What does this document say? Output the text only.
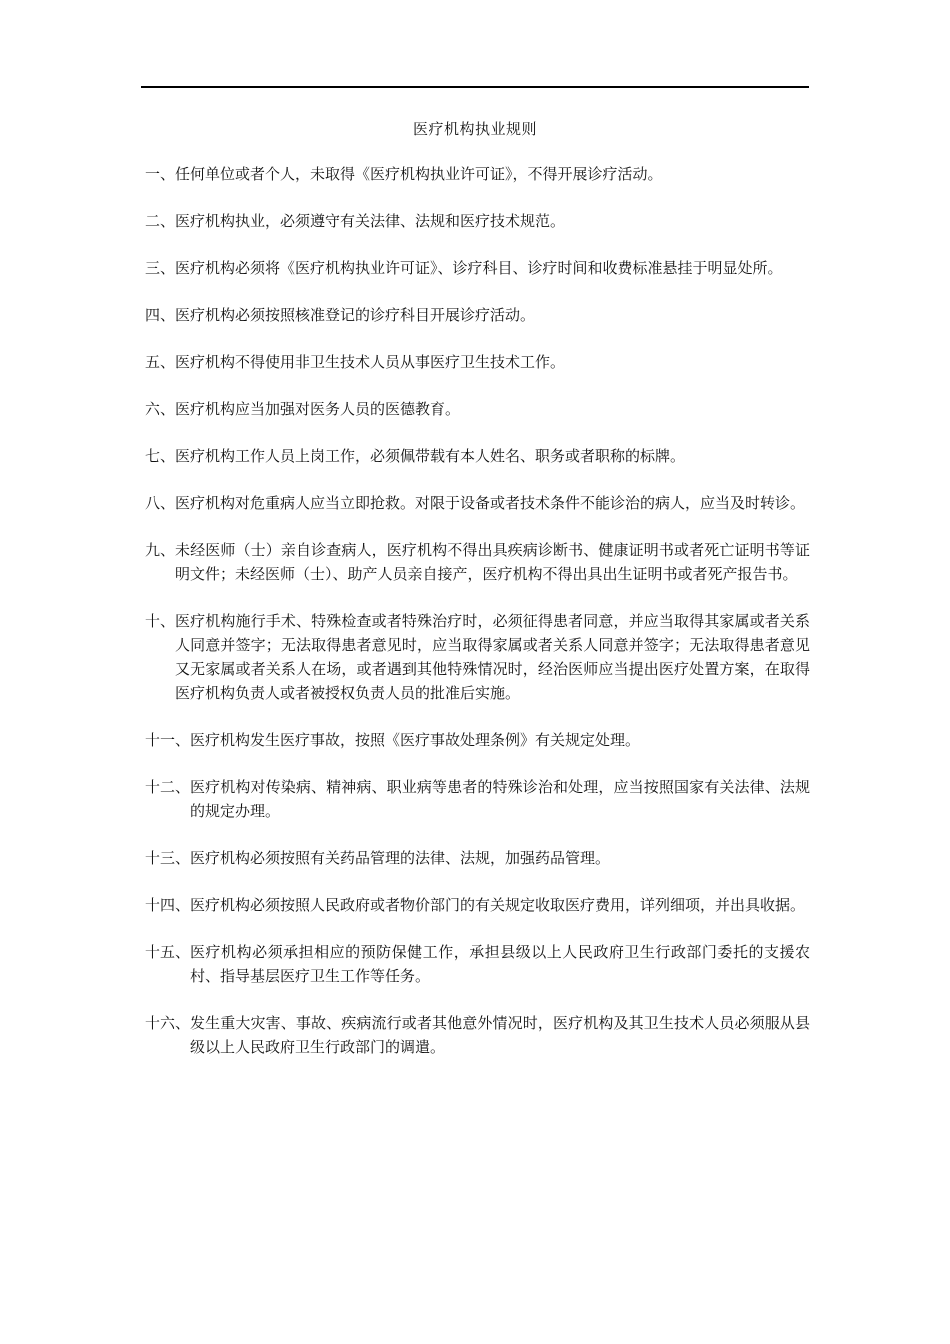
医疗机构执业规则
一、 任何单位或者个人，未取得《医疗机构执业许可证》，不得开展诊疗活动。
二、 医疗机构执业，必须遵守有关法律、法规和医疗技术规范。
三、 医疗机构必须将《医疗机构执业许可证》、诊疗科目、诊疗时间和收费标准悬挂于明显处所。
四、 医疗机构必须按照核准登记的诊疗科目开展诊疗活动。
五、 医疗机构不得使用非卫生技术人员从事医疗卫生技术工作。
六、 医疗机构应当加强对医务人员的医德教育。
七、 医疗机构工作人员上岗工作，必须佩带载有本人姓名、职务或者职称的标牌。
八、 医疗机构对危重病人应当立即抢救。对限于设备或者技术条件不能诊治的病人，应当及时转诊。
九、 未经医师（士）亲自诊查病人，医疗机构不得出具疾病诊断书、健康证明书或者死亡证明书等证明文件；未经医师（士）、助产人员亲自接产，医疗机构不得出具出生证明书或者死产报告书。
十、 医疗机构施行手术、特殊检查或者特殊治疗时，必须征得患者同意，并应当取得其家属或者关系人同意并签字；无法取得患者意见时，应当取得家属或者关系人同意并签字；无法取得患者意见又无家属或者关系人在场，或者遇到其他特殊情况时，经治医师应当提出医疗处置方案，在取得医疗机构负责人或者被授权负责人员的批准后实施。
十一、 医疗机构发生医疗事故，按照《医疗事故处理条例》有关规定处理。
十二、 医疗机构对传染病、精神病、职业病等患者的特殊诊治和处理，应当按照国家有关法律、法规的规定办理。
十三、 医疗机构必须按照有关药品管理的法律、法规，加强药品管理。
十四、 医疗机构必须按照人民政府或者物价部门的有关规定收取医疗费用，详列细项，并出具收据。
十五、 医疗机构必须承担相应的预防保健工作，承担县级以上人民政府卫生行政部门委托的支援农村、指导基层医疗卫生工作等任务。
十六、 发生重大灾害、事故、疾病流行或者其他意外情况时，医疗机构及其卫生技术人员必须服从县级以上人民政府卫生行政部门的调遣。
